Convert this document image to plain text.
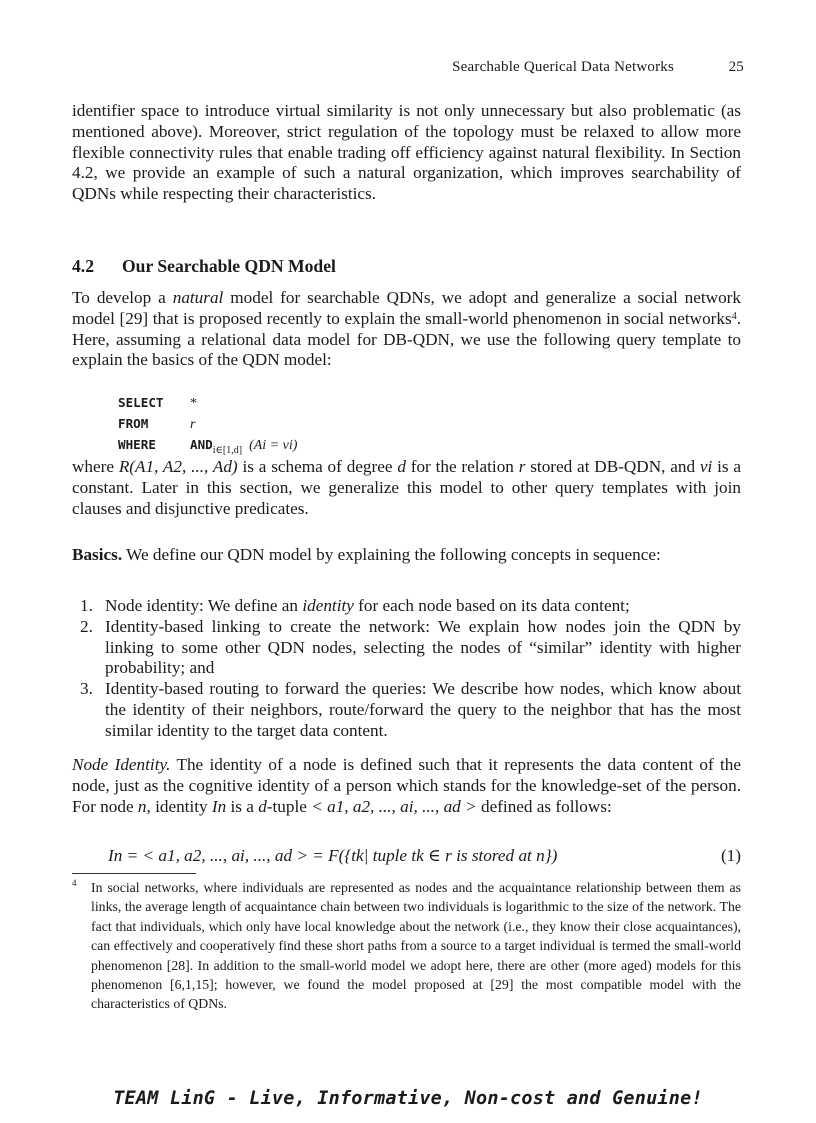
Searchable Querical Data Networks	25

identifier space to introduce virtual similarity is not only unnecessary but also problematic (as mentioned above). Moreover, strict regulation of the topology must be relaxed to allow more flexible connectivity rules that enable trading off efficiency against natural flexibility. In Section 4.2, we provide an example of such a natural organization, which improves searchability of QDNs while respecting their characteristics.

4.2 Our Searchable QDN Model

To develop a natural model for searchable QDNs, we adopt and generalize a social network model [29] that is proposed recently to explain the small-world phenomenon in social networks$^4$. Here, assuming a relational data model for DB-QDN, we use the following query template to explain the basics of the QDN model:

SELECT *
FROM	r
WHERE	$AND_{i\in[1,d]}$ (Ai = vi)

where R(A1, A2, ..., Ad) is a schema of degree d for the relation r stored at DB-QDN, and vi is a constant. Later in this section, we generalize this model to other query templates with join clauses and disjunctive predicates.

Basics. We define our QDN model by explaining the following concepts in sequence:

1. Node identity: We define an identity for each node based on its data content;
2. Identity-based linking to create the network: We explain how nodes join the QDN by linking to some other QDN nodes, selecting the nodes of “similar” identity with higher probability; and
3. Identity-based routing to forward the queries: We describe how nodes, which know about the identity of their neighbors, route/forward the query to the neighbor that has the most similar identity to the target data content.

Node Identity. The identity of a node is defined such that it represents the data content of the node, just as the cognitive identity of a person which stands for the knowledge-set of the person. For node n, identity In is a d-tuple < a1, a2, ..., ai, ..., ad > defined as follows:

In = < a1, a2, ..., ai, ..., ad > = F({tk| tuple tk ∈ r is stored at n})	(1)
4 In social networks, where individuals are represented as nodes and the acquaintance relationship between them as links, the average length of acquaintance chain between two individuals is logarithmic to the size of the network. The fact that individuals, which only have local knowledge about the network (i.e., they know their close acquaintances), can effectively and cooperatively find these short paths from a source to a target individual is termed the small-world phenomenon [28]. In addition to the small-world model we adopt here, there are other (more aged) models for this phenomenon [6,1,15]; however, we found the model proposed at [29] the most compatible model with the characteristics of QDNs.
TEAM LinG - Live, Informative, Non-cost and Genuine!
